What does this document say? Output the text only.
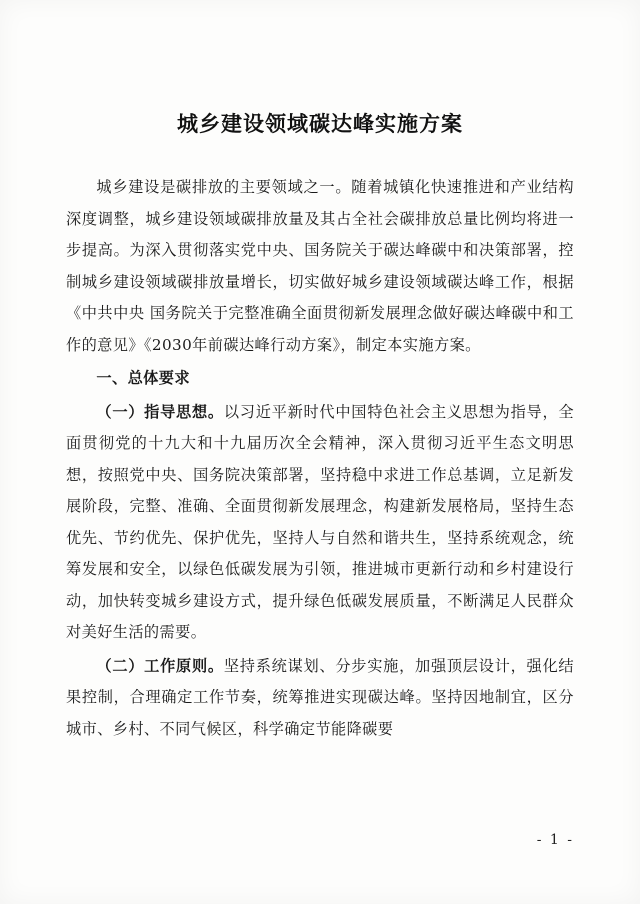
城乡建设领域碳达峰实施方案

城乡建设是碳排放的主要领域之一。随着城镇化快速推进和产业结构深度调整，城乡建设领域碳排放量及其占全社会碳排放总量比例均将进一步提高。为深入贯彻落实党中央、国务院关于碳达峰碳中和决策部署，控制城乡建设领域碳排放量增长，切实做好城乡建设领域碳达峰工作，根据《中共中央 国务院关于完整准确全面贯彻新发展理念做好碳达峰碳中和工作的意见》《2030年前碳达峰行动方案》，制定本实施方案。

一、总体要求

（一）指导思想。以习近平新时代中国特色社会主义思想为指导，全面贯彻党的十九大和十九届历次全会精神，深入贯彻习近平生态文明思想，按照党中央、国务院决策部署，坚持稳中求进工作总基调，立足新发展阶段，完整、准确、全面贯彻新发展理念，构建新发展格局，坚持生态优先、节约优先、保护优先，坚持人与自然和谐共生，坚持系统观念，统筹发展和安全，以绿色低碳发展为引领，推进城市更新行动和乡村建设行动，加快转变城乡建设方式，提升绿色低碳发展质量，不断满足人民群众对美好生活的需要。

（二）工作原则。坚持系统谋划、分步实施，加强顶层设计，强化结果控制，合理确定工作节奏，统筹推进实现碳达峰。坚持因地制宜，区分城市、乡村、不同气候区，科学确定节能降碳要

- 1 -
